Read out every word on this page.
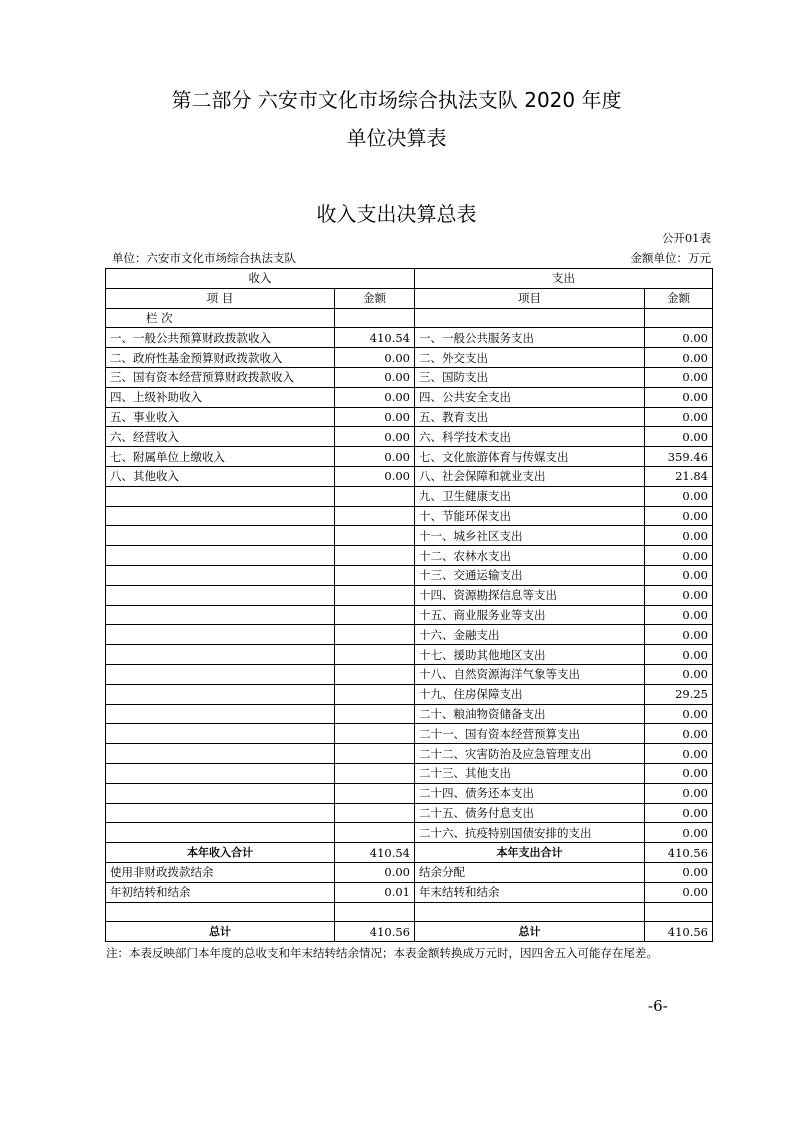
第二部分 六安市文化市场综合执法支队 2020 年度
单位决算表
收入支出决算总表
公开01表
单位：六安市文化市场综合执法支队	金额单位：万元
收入		支出	
项 目	金额	项目	金额
栏 次			
一、一般公共预算财政拨款收入	410.54	一、一般公共服务支出	0.00
二、政府性基金预算财政拨款收入	0.00	二、外交支出	0.00
三、国有资本经营预算财政拨款收入	0.00	三、国防支出	0.00
四、上级补助收入	0.00	四、公共安全支出	0.00
五、事业收入	0.00	五、教育支出	0.00
六、经营收入	0.00	六、科学技术支出	0.00
七、附属单位上缴收入	0.00	七、文化旅游体育与传媒支出	359.46
八、其他收入	0.00	八、社会保障和就业支出	21.84
		九、卫生健康支出	0.00
		十、节能环保支出	0.00
		十一、城乡社区支出	0.00
		十二、农林水支出	0.00
		十三、交通运输支出	0.00
		十四、资源勘探信息等支出	0.00
		十五、商业服务业等支出	0.00
		十六、金融支出	0.00
		十七、援助其他地区支出	0.00
		十八、自然资源海洋气象等支出	0.00
		十九、住房保障支出	29.25
		二十、粮油物资储备支出	0.00
		二十一、国有资本经营预算支出	0.00
		二十二、灾害防治及应急管理支出	0.00
		二十三、其他支出	0.00
		二十四、债务还本支出	0.00
		二十五、债务付息支出	0.00
		二十六、抗疫特别国债安排的支出	0.00
本年收入合计	410.54	本年支出合计	410.56
使用非财政拨款结余	0.00	结余分配	0.00
年初结转和结余	0.01	年末结转和结余	0.00

总计	410.56	总计	410.56
注：本表反映部门本年度的总收支和年末结转结余情况；本表金额转换成万元时，因四舍五入可能存在尾差。
-6-
